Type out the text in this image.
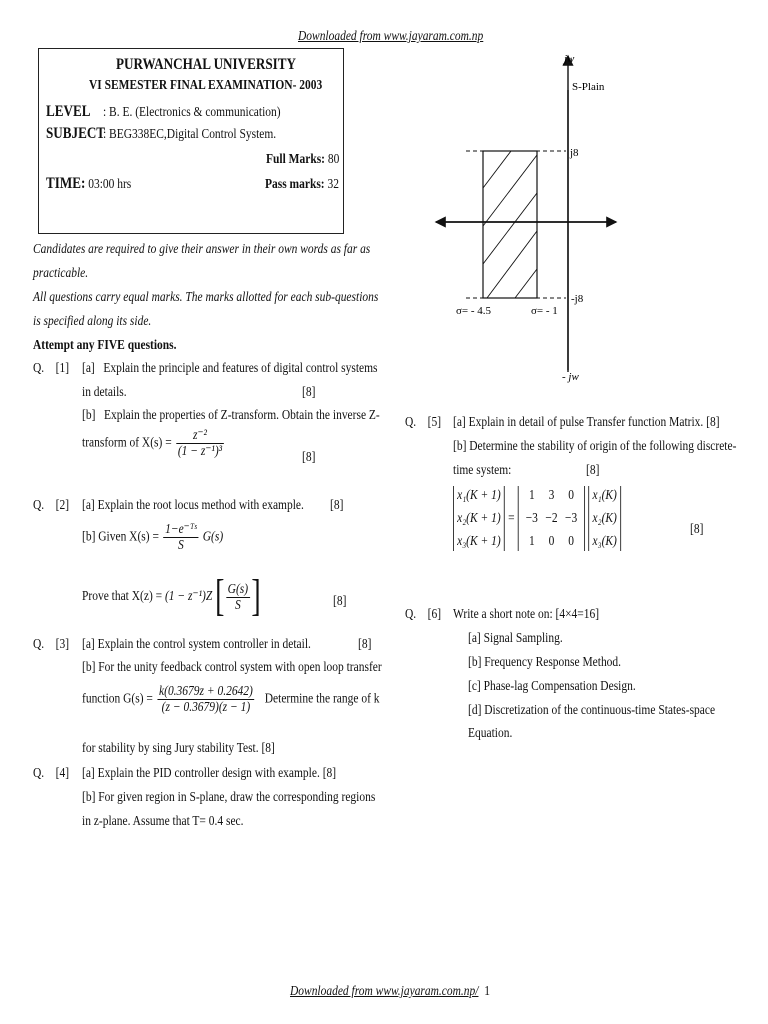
Downloaded from www.jayaram.com.np
PURWANCHAL UNIVERSITY
VI SEMESTER FINAL EXAMINATION- 2003
LEVEL : B. E. (Electronics & communication)
SUBJECT
: BEG338EC,Digital Control System.
Full Marks: 80
TIME: 03:00 hrs	Pass marks: 32
Candidates are required to give their answer in their own words as far as
practicable.
All questions carry equal marks. The marks allotted for each sub-questions
is specified along its side.
Attempt any FIVE questions.
Q. [1] [a] Explain the principle and features of digital control systems
in details.	[8]
[b] Explain the properties of Z-transform. Obtain the inverse Z-
transform of $X(s) = \frac{\text{z⁻²}}{\text{(1 − z⁻¹)³}}$	[8]
Q. [2] [a] Explain the root locus method with example. [8]
[b] Given $X(s) = \frac{\text{1−e⁻ᵀˢ}}{S} G(s)$
Prove that X(z) = (1 − z⁻¹)Z [ $\frac{G(s)}{S}$ ]	[8]
Q. [3] [a] Explain the control system controller in detail.	[8]
[b] For the unity feedback control system with open loop transfer
function $G(s) = \frac{k(0.3679z + 0.2642)}{(z - 0.3679)(z - 1)}$ Determine the range of k
for stability by sing Jury stability Test. [8]
Q. [4] [a] Explain the PID controller design with example. [8]
[b] For given region in S-plane, draw the corresponding regions
in z-plane. Assume that T= 0.4 sec.
jw
S-Plain
j8
-j8
σ= - 4.5	σ= - 1
- jw
Q. [5] [a] Explain in detail of pulse Transfer function Matrix. [8]
[b] Determine the stability of origin of the following discrete-
time system:	[8]
x₁(K + 1)
x₂(K + 1)
x₃(K + 1)
=
1 3 0
−3 −2 −3
1 0 0
x₁(K)
x₂(K)
x₃(K)
[8]
Q. [6] Write a short note on: [4×4=16]
[a] Signal Sampling.
[b] Frequency Response Method.
[c] Phase-lag Compensation Design.
[d] Discretization of the continuous-time States-space
Equation.
Downloaded from www.jayaram.com.np/ 1
